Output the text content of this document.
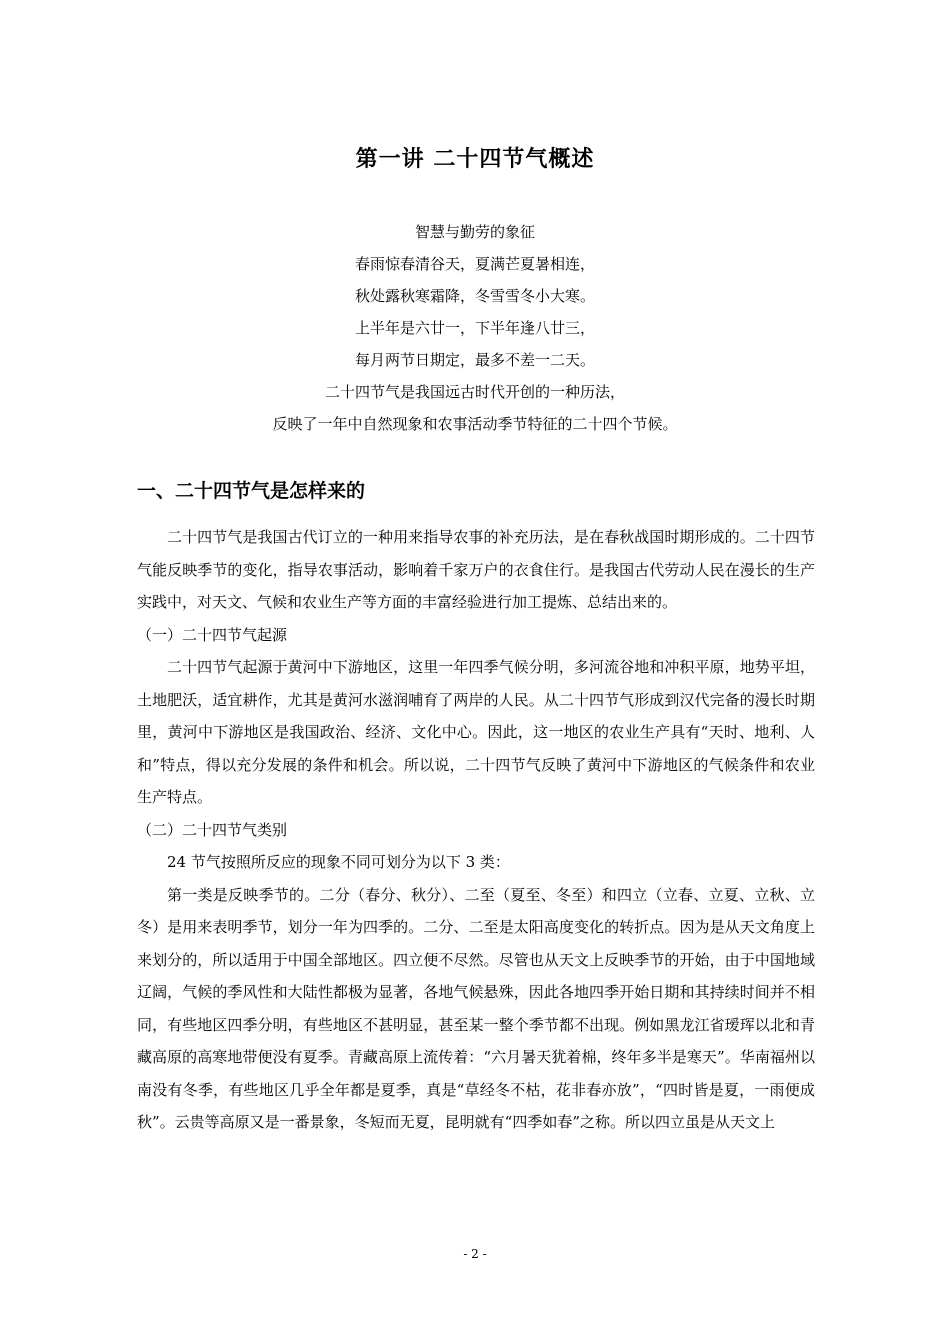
第一讲 二十四节气概述
智慧与勤劳的象征
春雨惊春清谷天，夏满芒夏暑相连，
秋处露秋寒霜降，冬雪雪冬小大寒。
上半年是六廿一，下半年逢八廿三，
每月两节日期定，最多不差一二天。
二十四节气是我国远古时代开创的一种历法，
反映了一年中自然现象和农事活动季节特征的二十四个节候。
一、二十四节气是怎样来的

二十四节气是我国古代订立的一种用来指导农事的补充历法，是在春秋战国时期形成的。二十四节气能反映季节的变化，指导农事活动，影响着千家万户的衣食住行。是我国古代劳动人民在漫长的生产实践中，对天文、气候和农业生产等方面的丰富经验进行加工提炼、总结出来的。

（一）二十四节气起源

二十四节气起源于黄河中下游地区，这里一年四季气候分明，多河流谷地和冲积平原，地势平坦，土地肥沃，适宜耕作，尤其是黄河水滋润哺育了两岸的人民。从二十四节气形成到汉代完备的漫长时期里，黄河中下游地区是我国政治、经济、文化中心。因此，这一地区的农业生产具有“天时、地利、人和”特点，得以充分发展的条件和机会。所以说，二十四节气反映了黄河中下游地区的气候条件和农业生产特点。

（二）二十四节气类别

24 节气按照所反应的现象不同可划分为以下 3 类：

第一类是反映季节的。二分（春分、秋分）、二至（夏至、冬至）和四立（立春、立夏、立秋、立冬）是用来表明季节，划分一年为四季的。二分、二至是太阳高度变化的转折点。因为是从天文角度上来划分的，所以适用于中国全部地区。四立便不尽然。尽管也从天文上反映季节的开始，由于中国地域辽阔，气候的季风性和大陆性都极为显著，各地气候悬殊，因此各地四季开始日期和其持续时间并不相同，有些地区四季分明，有些地区不甚明显，甚至某一整个季节都不出现。例如黑龙江省瑷珲以北和青藏高原的高寒地带便没有夏季。青藏高原上流传着：“六月暑天犹着棉，终年多半是寒天”。华南福州以南没有冬季，有些地区几乎全年都是夏季，真是“草经冬不枯，花非春亦放”，“四时皆是夏，一雨便成秋”。云贵等高原又是一番景象，冬短而无夏，昆明就有“四季如春”之称。所以四立虽是从天文上

- 2 -
